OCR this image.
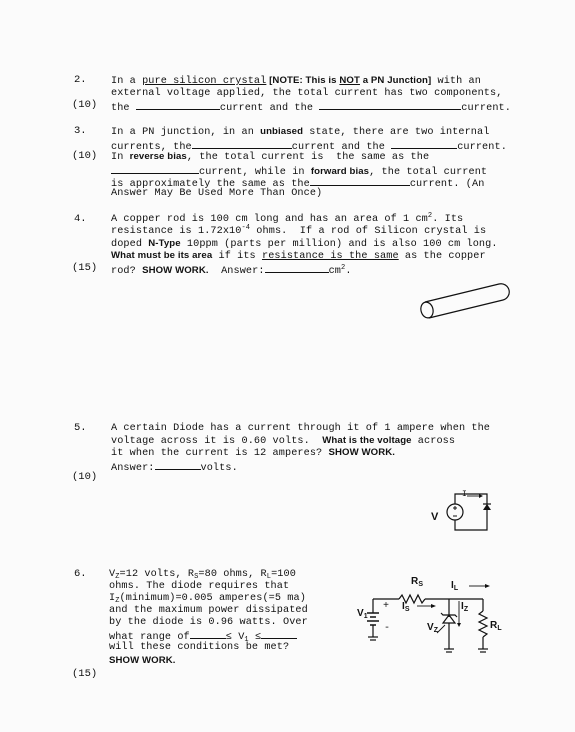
2.
(10)
In a pure silicon crystal [NOTE: This is NOT a PN Junction] with an
external voltage applied, the total current has two components,
the	current and the	current.
3.
(10)
In a PN junction, in an unbiased state, there are two internal
currents, the	current and the	current.
In reverse bias, the total current is  the same as the
current, while in forward bias, the total current
is approximately the same as the	current. (An
Answer May Be Used More Than Once)
4.
(15)
A copper rod is 100 cm long and has an area of 1 $cm^2$. Its
resistance is $1.72x10^{-4}$ ohms.  If a rod of Silicon crystal is
doped N-Type 10ppm (parts per million) and is also 100 cm long.
What must be its area if its resistance is the same as the copper
rod? SHOW WORK.  Answer:	$cm^2$.
5.
(10)
A certain Diode has a current through it of 1 ampere when the
voltage across it is 0.60 volts.  What is the voltage across
it when the current is 12 amperes? SHOW WORK.
Answer:	volts.
V
I
6.
(15)
$V_Z=12$ volts, $R_S=80$ ohms, $R_L=100$
ohms. The diode requires that
$I_Z(minimum)=0.005$ amperes(=5 ma)
and the maximum power dissipated
by the diode is 0.96 watts. Over
what range of	≤ $V_1$ ≤
will these conditions be met?
SHOW WORK.
$R_S$	$I_L$
$I_S$	$I_Z$
$V_1$
$V_Z$	$R_L$
+
-
